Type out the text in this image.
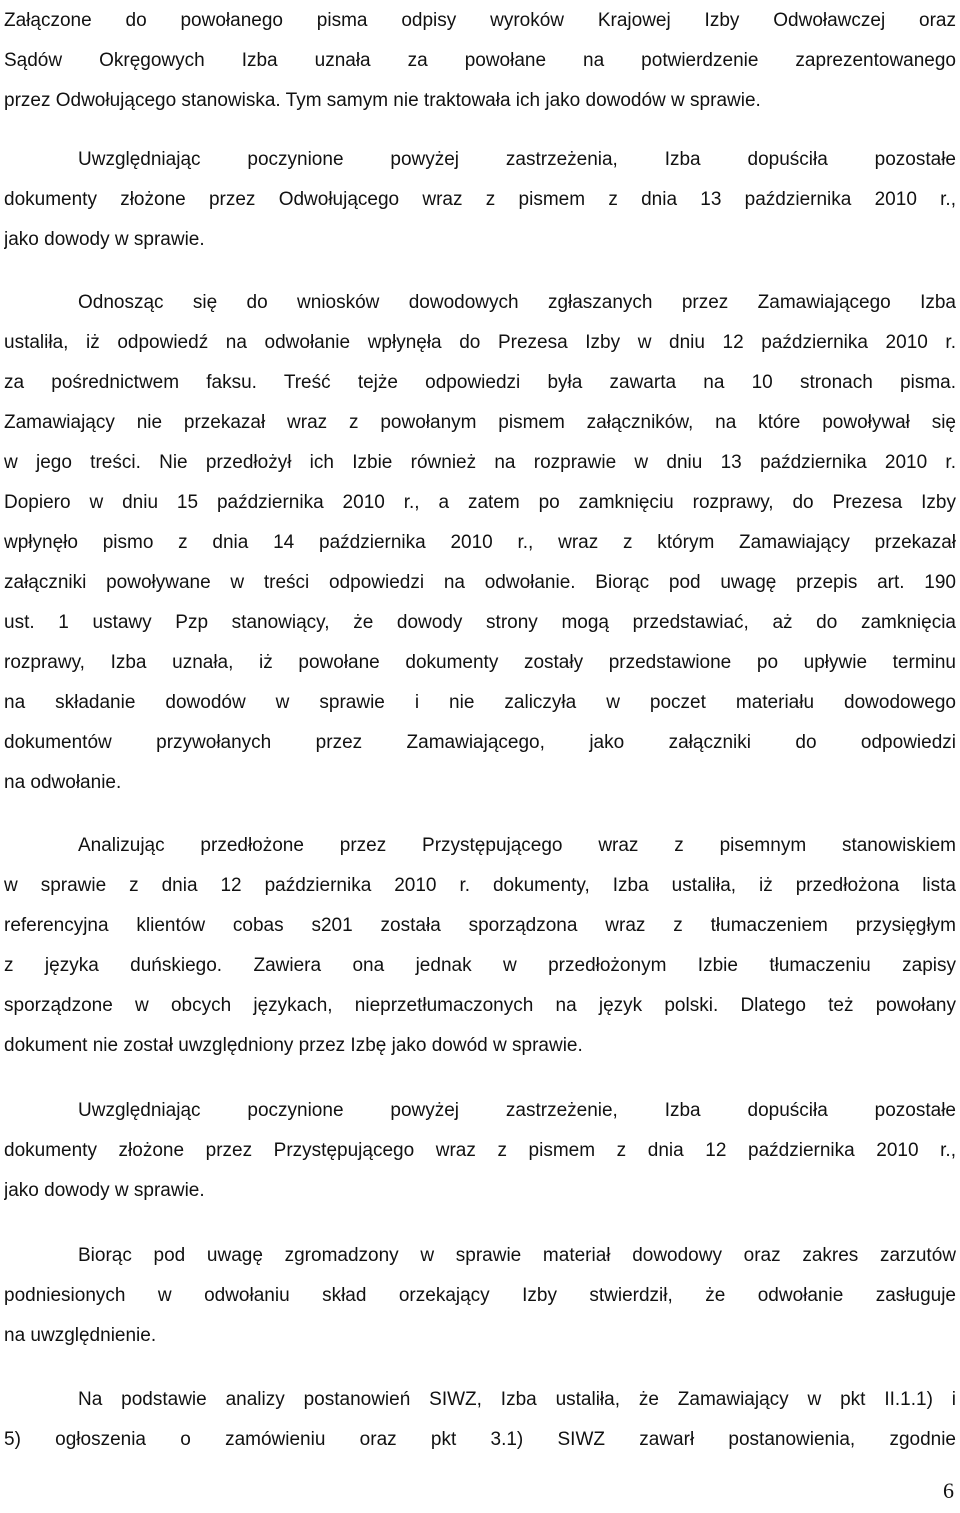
Załączone do powołanego pisma odpisy wyroków Krajowej Izby Odwoławczej oraz
Sądów Okręgowych Izba uznała za powołane na potwierdzenie zaprezentowanego
przez Odwołującego stanowiska. Tym samym nie traktowała ich jako dowodów w sprawie.
Uwzględniając poczynione powyżej zastrzeżenia, Izba dopuściła pozostałe
dokumenty złożone przez Odwołującego wraz z pismem z dnia 13 października 2010 r.,
jako dowody w sprawie.
Odnosząc się do wniosków dowodowych zgłaszanych przez Zamawiającego Izba
ustaliła, iż odpowiedź na odwołanie wpłynęła do Prezesa Izby w dniu 12 października 2010 r.
za pośrednictwem faksu. Treść tejże odpowiedzi była zawarta na 10 stronach pisma.
Zamawiający nie przekazał wraz z powołanym pismem załączników, na które powoływał się
w jego treści. Nie przedłożył ich Izbie również na rozprawie w dniu 13 października 2010 r.
Dopiero w dniu 15 października 2010 r., a zatem po zamknięciu rozprawy, do Prezesa Izby
wpłynęło pismo z dnia 14 października 2010 r., wraz z którym Zamawiający przekazał
załączniki powoływane w treści odpowiedzi na odwołanie. Biorąc pod uwagę przepis art. 190
ust. 1 ustawy Pzp stanowiący, że dowody strony mogą przedstawiać, aż do zamknięcia
rozprawy, Izba uznała, iż powołane dokumenty zostały przedstawione po upływie terminu
na składanie dowodów w sprawie i nie zaliczyła w poczet materiału dowodowego
dokumentów przywołanych przez Zamawiającego, jako załączniki do odpowiedzi
na odwołanie.
Analizując przedłożone przez Przystępującego wraz z pisemnym stanowiskiem
w sprawie z dnia 12 października 2010 r. dokumenty, Izba ustaliła, iż przedłożona lista
referencyjna klientów cobas s201 została sporządzona wraz z tłumaczeniem przysięgłym
z języka duńskiego. Zawiera ona jednak w przedłożonym Izbie tłumaczeniu zapisy
sporządzone w obcych językach, nieprzetłumaczonych na język polski. Dlatego też powołany
dokument nie został uwzględniony przez Izbę jako dowód w sprawie.
Uwzględniając poczynione powyżej zastrzeżenie, Izba dopuściła pozostałe
dokumenty złożone przez Przystępującego wraz z pismem z dnia 12 października 2010 r.,
jako dowody w sprawie.
Biorąc pod uwagę zgromadzony w sprawie materiał dowodowy oraz zakres zarzutów
podniesionych w odwołaniu skład orzekający Izby stwierdził, że odwołanie zasługuje
na uwzględnienie.
Na podstawie analizy postanowień SIWZ, Izba ustaliła, że Zamawiający w pkt II.1.1) i
5) ogłoszenia o zamówieniu oraz pkt 3.1) SIWZ zawarł postanowienia, zgodnie
6
